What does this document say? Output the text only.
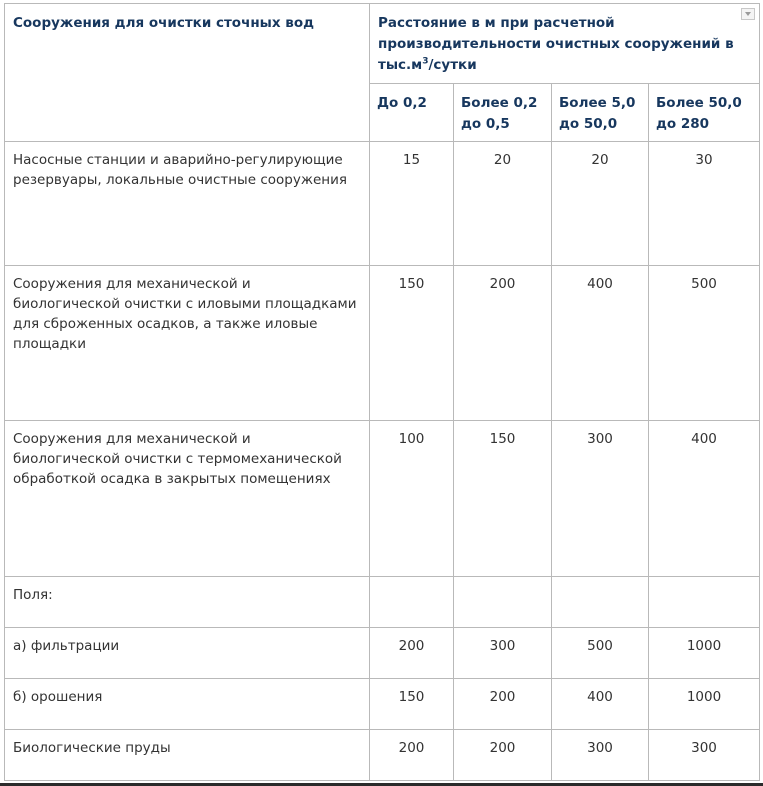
Сооружения для очистки сточных вод	Расстояние в м при расчетной производительности очистных сооружений в $тыс.м^3$/сутки			

	До 0,2	Более 0,2 до 0,5	Более 5,0 до 50,0	Более 50,0 до 280
Насосные станции и аварийно-регулирующие резервуары, локальные очистные сооружения	15	20	20	30
Сооружения для механической и биологической очистки с иловыми площадками для сброженных осадков, а также иловые площадки	150	200	400	500
Сооружения для механической и биологической очистки с термомеханической обработкой осадка в закрытых помещениях	100	150	300	400
Поля:				
а) фильтрации	200	300	500	1000
б) орошения	150	200	400	1000
Биологические пруды	200	200	300	300
